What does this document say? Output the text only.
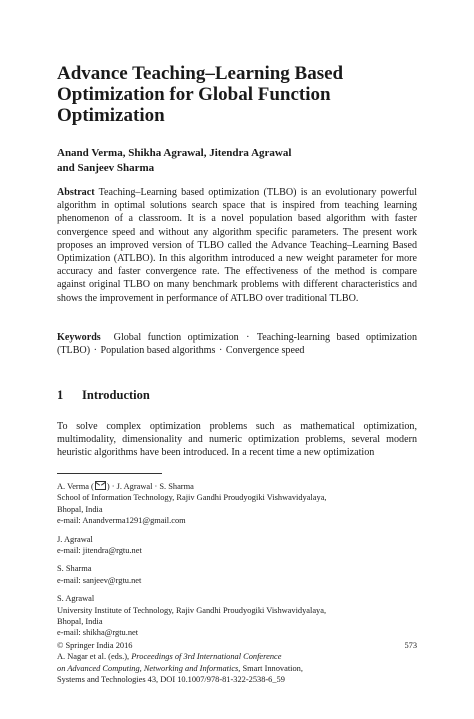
Advance Teaching–Learning Based
Optimization for Global Function
Optimization

Anand Verma, Shikha Agrawal, Jitendra Agrawal
and Sanjeev Sharma

Abstract Teaching–Learning based optimization (TLBO) is an evolutionary powerful algorithm in optimal solutions search space that is inspired from teaching learning phenomenon of a classroom. It is a novel population based algorithm with faster convergence speed and without any algorithm specific parameters. The present work proposes an improved version of TLBO called the Advance Teaching–Learning Based Optimization (ATLBO). In this algorithm introduced a new weight parameter for more accuracy and faster convergence rate. The effectiveness of the method is compare against original TLBO on many benchmark problems with different characteristics and shows the improvement in performance of ATLBO over traditional TLBO.

Keywords Global function optimization · Teaching-learning based optimization (TLBO) · Population based algorithms · Convergence speed

1 Introduction

To solve complex optimization problems such as mathematical optimization, multimodality, dimensionality and numeric optimization problems, several modern heuristic algorithms have been introduced. In a recent time a new optimization

A. Verma ( ) · J. Agrawal · S. Sharma
School of Information Technology, Rajiv Gandhi Proudyogiki Vishwavidyalaya,
Bhopal, India
e-mail: Anandverma1291@gmail.com
J. Agrawal
e-mail: jitendra@rgtu.net
S. Sharma
e-mail: sanjeev@rgtu.net
S. Agrawal
University Institute of Technology, Rajiv Gandhi Proudyogiki Vishwavidyalaya,
Bhopal, India
e-mail: shikha@rgtu.net
© Springer India 2016	573
A. Nagar et al. (eds.), Proceedings of 3rd International Conference
on Advanced Computing, Networking and Informatics, Smart Innovation,
Systems and Technologies 43, DOI 10.1007/978-81-322-2538-6_59
